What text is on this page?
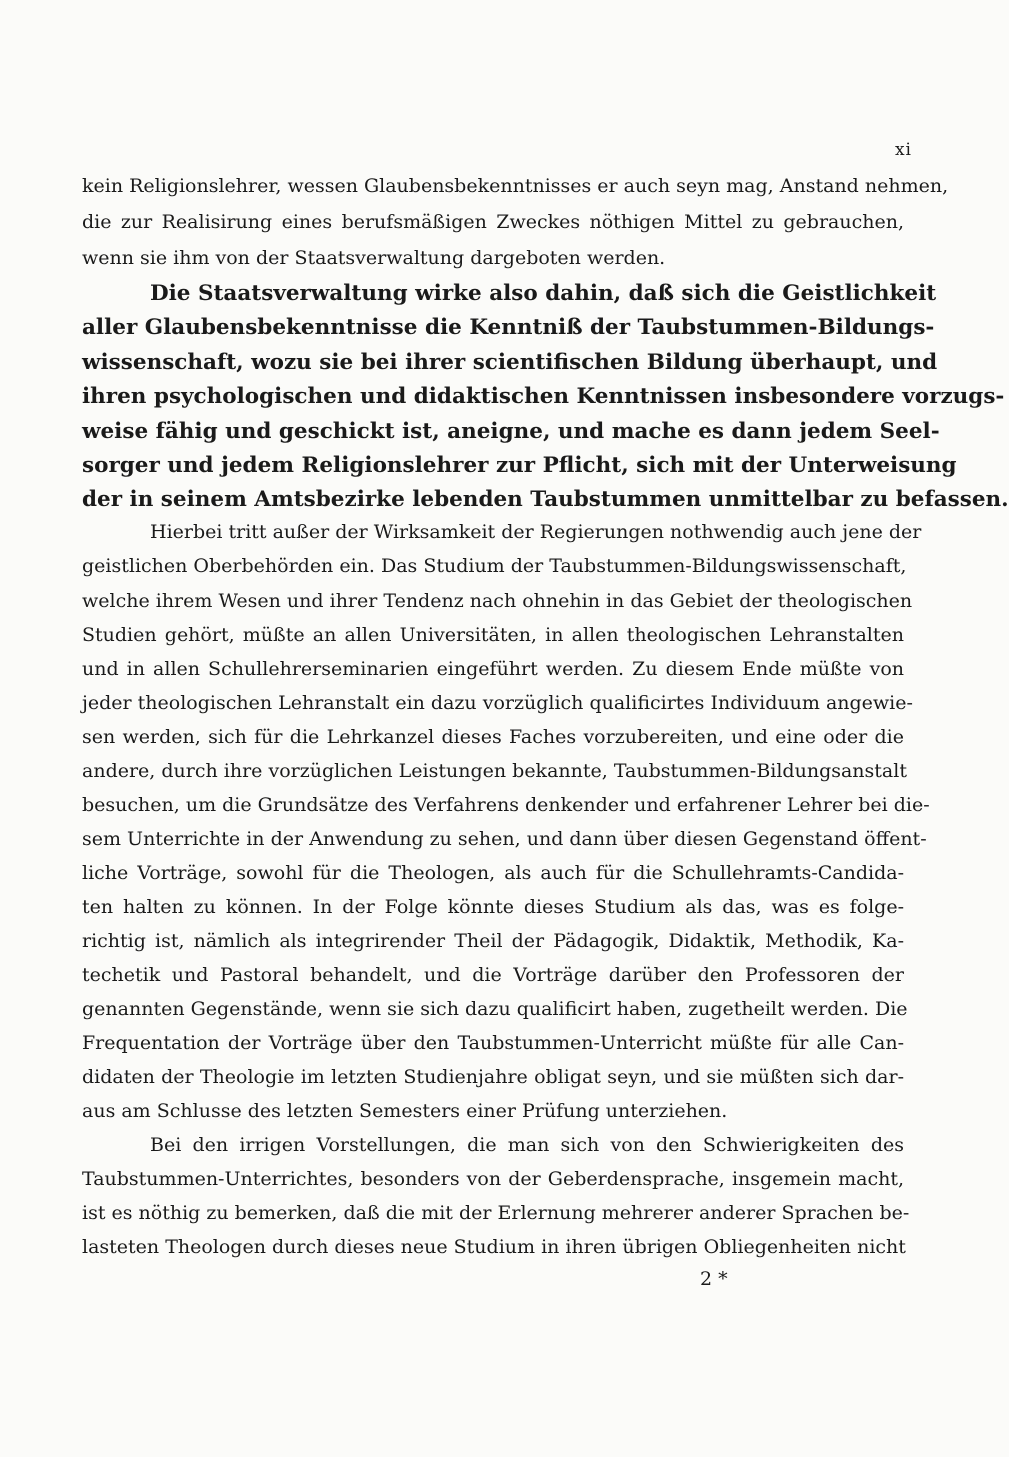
xi
kein Religionslehrer, wessen Glaubensbekenntnisses er auch seyn mag, Anstand nehmen,
die zur Realisirung eines berufsmäßigen Zweckes nöthigen Mittel zu gebrauchen,
wenn sie ihm von der Staatsverwaltung dargeboten werden.
Die Staatsverwaltung wirke also dahin, daß sich die Geistlichkeit
aller Glaubensbekenntnisse die Kenntniß der Taubstummen-Bildungs-
wissenschaft, wozu sie bei ihrer scientifischen Bildung überhaupt, und
ihren psychologischen und didaktischen Kenntnissen insbesondere vorzugs-
weise fähig und geschickt ist, aneigne, und mache es dann jedem Seel-
sorger und jedem Religionslehrer zur Pflicht, sich mit der Unterweisung
der in seinem Amtsbezirke lebenden Taubstummen unmittelbar zu befassen.
Hierbei tritt außer der Wirksamkeit der Regierungen nothwendig auch jene der
geistlichen Oberbehörden ein. Das Studium der Taubstummen-Bildungswissenschaft,
welche ihrem Wesen und ihrer Tendenz nach ohnehin in das Gebiet der theologischen
Studien gehört, müßte an allen Universitäten, in allen theologischen Lehranstalten
und in allen Schullehrerseminarien eingeführt werden. Zu diesem Ende müßte von
jeder theologischen Lehranstalt ein dazu vorzüglich qualificirtes Individuum angewie-
sen werden, sich für die Lehrkanzel dieses Faches vorzubereiten, und eine oder die
andere, durch ihre vorzüglichen Leistungen bekannte, Taubstummen-Bildungsanstalt
besuchen, um die Grundsätze des Verfahrens denkender und erfahrener Lehrer bei die-
sem Unterrichte in der Anwendung zu sehen, und dann über diesen Gegenstand öffent-
liche Vorträge, sowohl für die Theologen, als auch für die Schullehramts-Candida-
ten halten zu können. In der Folge könnte dieses Studium als das, was es folge-
richtig ist, nämlich als integrirender Theil der Pädagogik, Didaktik, Methodik, Ka-
techetik und Pastoral behandelt, und die Vorträge darüber den Professoren der
genannten Gegenstände, wenn sie sich dazu qualificirt haben, zugetheilt werden. Die
Frequentation der Vorträge über den Taubstummen-Unterricht müßte für alle Can-
didaten der Theologie im letzten Studienjahre obligat seyn, und sie müßten sich dar-
aus am Schlusse des letzten Semesters einer Prüfung unterziehen.
Bei den irrigen Vorstellungen, die man sich von den Schwierigkeiten des
Taubstummen-Unterrichtes, besonders von der Geberdensprache, insgemein macht,
ist es nöthig zu bemerken, daß die mit der Erlernung mehrerer anderer Sprachen be-
lasteten Theologen durch dieses neue Studium in ihren übrigen Obliegenheiten nicht
2 *
